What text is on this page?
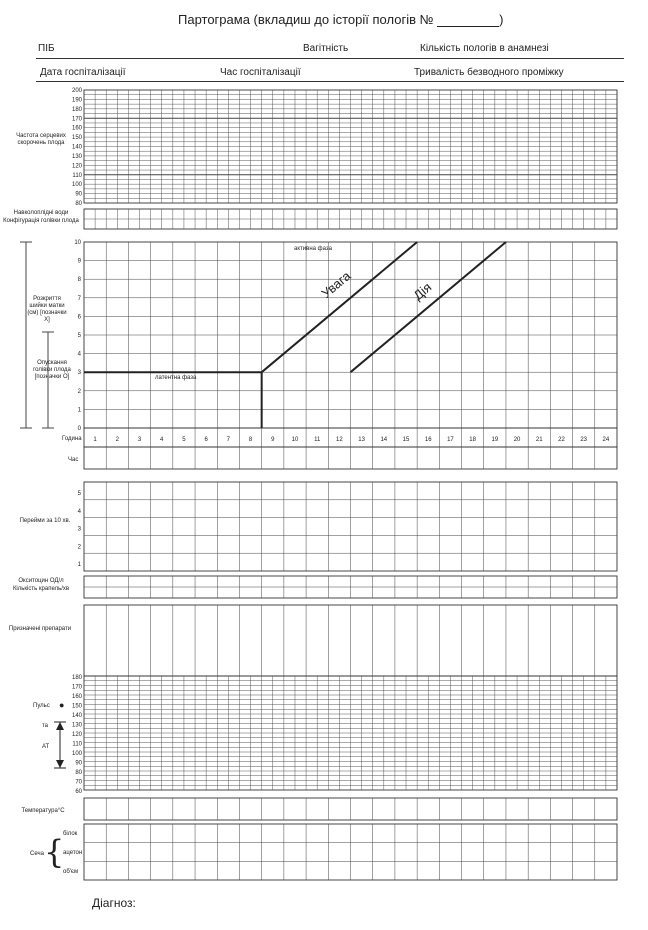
Партограма (вкладиш до історії пологів №	)
ПІБ	Вагітність	Кількість пологів в анамнезі
Дата госпіталізації	Час госпіталізації	Тривалість безводного проміжку
Частота серцевих скорочень плода
Навколоплідні води
Конфігурація голівки плода
Розкриття шийки матки (см) [позначки Х]
Опускання голівки плода [позначки О]
активна фаза
латентна фаза
Увага	Дія
Година
Час
Перейми за 10 хв.
Окситоцин ОД/л
Кількість крапель/хв
Призначені препарати
Пульс ●
та
АТ
Температура°С
Сеча {
білок
ацетон
об'єм
Діагноз:
200
190
180
170
160
150
140
130
120
110
100
90
80
10
9
8
7
6
5
4
3
2
1
0
1	2	3	4	5	6	7	8	9	10	11	12	13	14	15	16	17	18	19	20	21	22	23	24
5
4
3
2
1
180
170
160
150
140
130
120
110
100
90
80
70
60
